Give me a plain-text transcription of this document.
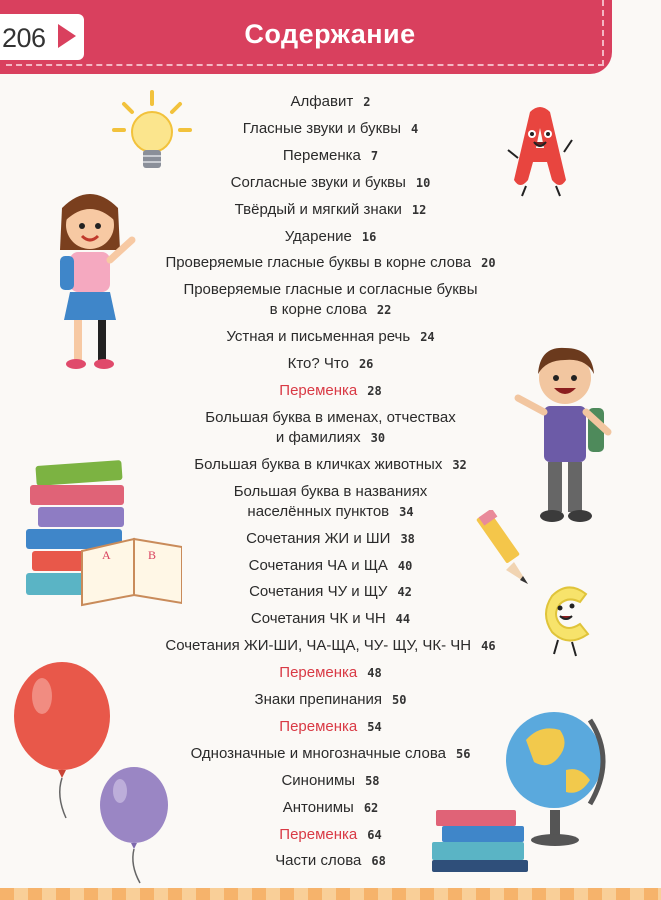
206	Содержание
Алфавит 2
Гласные звуки и буквы 4
Переменка 7
Согласные звуки и буквы 10
Твёрдый и мягкий знаки 12
Ударение 16
Проверяемые гласные буквы в корне слова 20
Проверяемые гласные и согласные буквы
в корне слова 22
Устная и письменная речь 24
Кто? Что 26
Переменка 28
Большая буква в именах, отчествах
и фамилиях 30
Большая буква в кличках животных 32
Большая буква в названиях
населённых пунктов 34
Сочетания ЖИ и ШИ 38
Сочетания ЧА и ЩА 40
Сочетания ЧУ и ЩУ 42
Сочетания ЧК и ЧН 44
Сочетания ЖИ-ШИ, ЧА-ЩА, ЧУ- ЩУ, ЧК- ЧН 46
Переменка 48
Знаки препинания 50
Переменка 54
Однозначные и многозначные слова 56
Синонимы 58
Антонимы 62
Переменка 64
Части слова 68
А	В
